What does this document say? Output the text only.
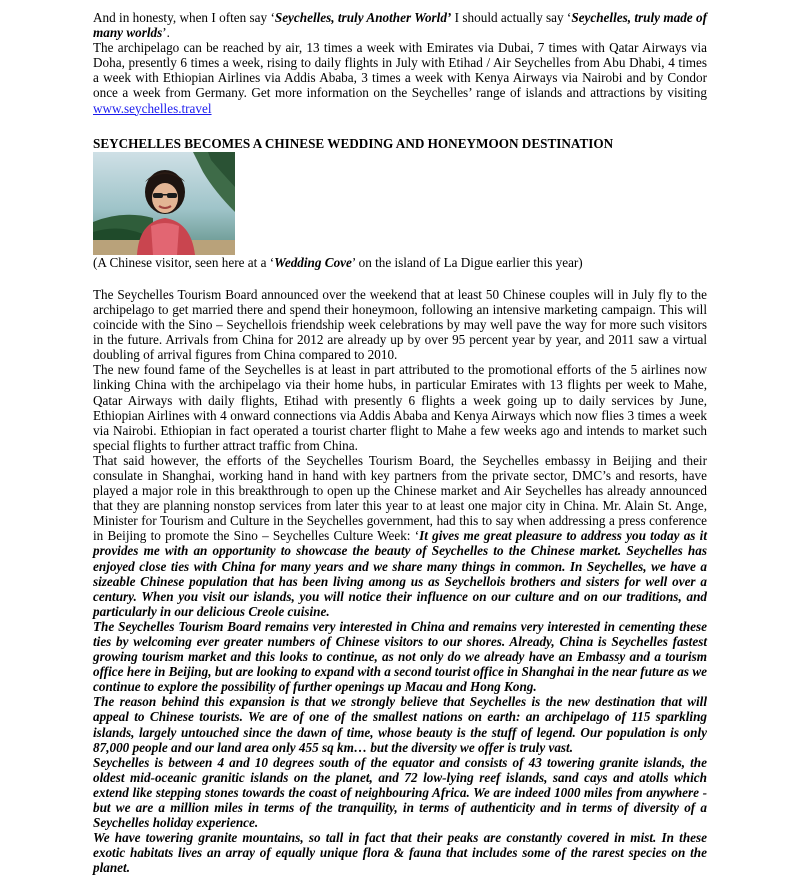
And in honesty, when I often say ‘Seychelles, truly Another World’ I should actually say ‘Seychelles, truly made of many worlds’.

The archipelago can be reached by air, 13 times a week with Emirates via Dubai, 7 times with Qatar Airways via Doha, presently 6 times a week, rising to daily flights in July with Etihad / Air Seychelles from Abu Dhabi, 4 times a week with Ethiopian Airlines via Addis Ababa, 3 times a week with Kenya Airways via Nairobi and by Condor once a week from Germany. Get more information on the Seychelles’ range of islands and attractions by visiting www.seychelles.travel

SEYCHELLES BECOMES A CHINESE WEDDING AND HONEYMOON DESTINATION

(A Chinese visitor, seen here at a ‘Wedding Cove’ on the island of La Digue earlier this year)

The Seychelles Tourism Board announced over the weekend that at least 50 Chinese couples will in July fly to the archipelago to get married there and spend their honeymoon, following an intensive marketing campaign. This will coincide with the Sino – Seychellois friendship week celebrations by may well pave the way for more such visitors in the future. Arrivals from China for 2012 are already up by over 95 percent year by year, and 2011 saw a virtual doubling of arrival figures from China compared to 2010.

The new found fame of the Seychelles is at least in part attributed to the promotional efforts of the 5 airlines now linking China with the archipelago via their home hubs, in particular Emirates with 13 flights per week to Mahe, Qatar Airways with daily flights, Etihad with presently 6 flights a week going up to daily services by June, Ethiopian Airlines with 4 onward connections via Addis Ababa and Kenya Airways which now flies 3 times a week via Nairobi. Ethiopian in fact operated a tourist charter flight to Mahe a few weeks ago and intends to market such special flights to further attract traffic from China.

That said however, the efforts of the Seychelles Tourism Board, the Seychelles embassy in Beijing and their consulate in Shanghai, working hand in hand with key partners from the private sector, DMC’s and resorts, have played a major role in this breakthrough to open up the Chinese market and Air Seychelles has already announced that they are planning nonstop services from later this year to at least one major city in China. Mr. Alain St. Ange, Minister for Tourism and Culture in the Seychelles government, had this to say when addressing a press conference in Beijing to promote the Sino – Seychelles Culture Week: ‘It gives me great pleasure to address you today as it provides me with an opportunity to showcase the beauty of Seychelles to the Chinese market. Seychelles has enjoyed close ties with China for many years and we share many things in common. In Seychelles, we have a sizeable Chinese population that has been living among us as Seychellois brothers and sisters for well over a century. When you visit our islands, you will notice their influence on our culture and on our traditions, and particularly in our delicious Creole cuisine.

The Seychelles Tourism Board remains very interested in China and remains very interested in cementing these ties by welcoming ever greater numbers of Chinese visitors to our shores. Already, China is Seychelles fastest growing tourism market and this looks to continue, as not only do we already have an Embassy and a tourism office here in Beijing, but are looking to expand with a second tourist office in Shanghai in the near future as we continue to explore the possibility of further openings up Macau and Hong Kong.

The reason behind this expansion is that we strongly believe that Seychelles is the new destination that will appeal to Chinese tourists. We are of one of the smallest nations on earth: an archipelago of 115 sparkling islands, largely untouched since the dawn of time, whose beauty is the stuff of legend. Our population is only 87,000 people and our land area only 455 sq km… but the diversity we offer is truly vast.

Seychelles is between 4 and 10 degrees south of the equator and consists of 43 towering granite islands, the oldest mid-oceanic granitic islands on the planet, and 72 low-lying reef islands, sand cays and atolls which extend like stepping stones towards the coast of neighbouring Africa. We are indeed 1000 miles from anywhere - but we are a million miles in terms of the tranquility, in terms of authenticity and in terms of diversity of a Seychelles holiday experience.

We have towering granite mountains, so tall in fact that their peaks are constantly covered in mist. In these exotic habitats lives an array of equally unique flora & fauna that includes some of the rarest species on the planet.
